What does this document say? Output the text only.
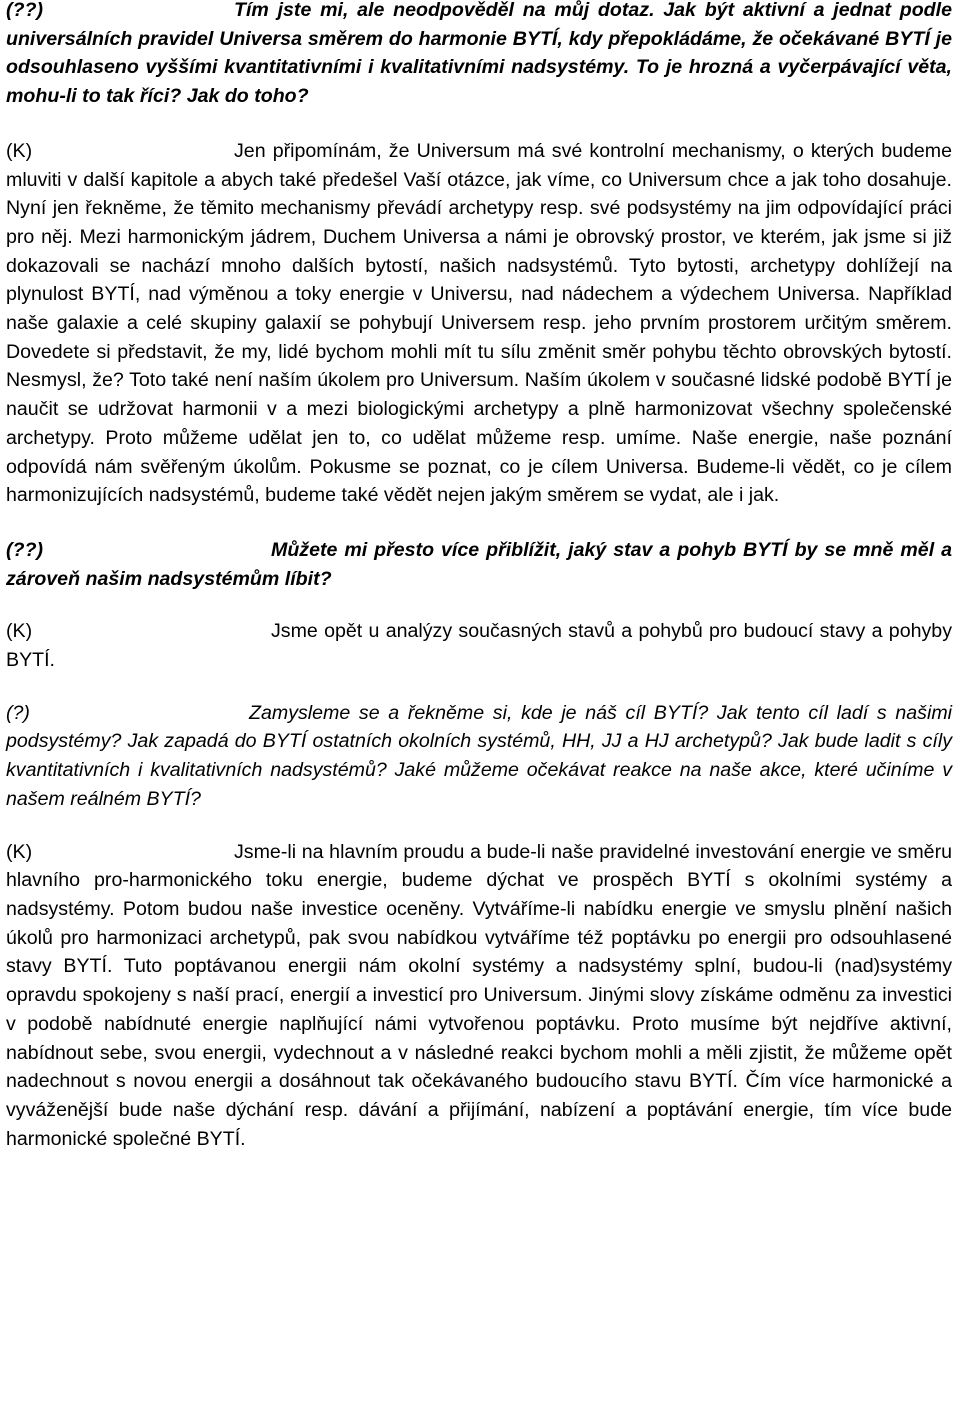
(??)	Tím jste mi, ale neodpověděl na můj dotaz. Jak být aktivní a jednat podle universálních pravidel Universa směrem do harmonie BYTÍ, kdy přepokládáme, že očekávané BYTÍ je odsouhlaseno vyššími kvantitativními i kvalitativními nadsystémy. To je hrozná a vyčerpávající věta, mohu-li to tak říci? Jak do toho?

(K)	Jen připomínám, že Universum má své kontrolní mechanismy, o kterých budeme mluviti v další kapitole a abych také předešel Vaší otázce, jak víme, co Universum chce a jak toho dosahuje. Nyní jen řekněme, že těmito mechanismy převádí archetypy resp. své podsystémy na jim odpovídající práci pro něj. Mezi harmonickým jádrem, Duchem Universa a námi je obrovský prostor, ve kterém, jak jsme si již dokazovali se nachází mnoho dalších bytostí, našich nadsystémů. Tyto bytosti, archetypy dohlížejí na plynulost BYTÍ, nad výměnou a toky energie v Universu, nad nádechem a výdechem Universa. Například naše galaxie a celé skupiny galaxií se pohybují Universem resp. jeho prvním prostorem určitým směrem. Dovedete si představit, že my, lidé bychom mohli mít tu sílu změnit směr pohybu těchto obrovských bytostí. Nesmysl, že? Toto také není naším úkolem pro Universum. Naším úkolem v současné lidské podobě BYTÍ je naučit se udržovat harmonii v a mezi biologickými archetypy a plně harmonizovat všechny společenské archetypy. Proto můžeme udělat jen to, co udělat můžeme resp. umíme. Naše energie, naše poznání odpovídá nám svěřeným úkolům. Pokusme se poznat, co je cílem Universa. Budeme-li vědět, co je cílem harmonizujících nadsystémů, budeme také vědět nejen jakým směrem se vydat, ale i jak.

(??)	Můžete mi přesto více přiblížit, jaký stav a pohyb BYTÍ by se mně měl a zároveň našim nadsystémům líbit?

(K)	Jsme opět u analýzy současných stavů a pohybů pro budoucí stavy a pohyby BYTÍ.

(?)	Zamysleme se a řekněme si, kde je náš cíl BYTÍ? Jak tento cíl ladí s našimi podsystémy? Jak zapadá do BYTÍ ostatních okolních systémů, HH, JJ a HJ archetypů? Jak bude ladit s cíly kvantitativních i kvalitativních nadsystémů? Jaké můžeme očekávat reakce na naše akce, které učiníme v našem reálném BYTÍ?

(K)	Jsme-li na hlavním proudu a bude-li naše pravidelné investování energie ve směru hlavního pro-harmonického toku energie, budeme dýchat ve prospěch BYTÍ s okolními systémy a nadsystémy. Potom budou naše investice oceněny. Vytváříme-li nabídku energie ve smyslu plnění našich úkolů pro harmonizaci archetypů, pak svou nabídkou vytváříme též poptávku po energii pro odsouhlasené stavy BYTÍ. Tuto poptávanou energii nám okolní systémy a nadsystémy splní, budou-li (nad)systémy opravdu spokojeny s naší prací, energií a investicí pro Universum. Jinými slovy získáme odměnu za investici v podobě nabídnuté energie naplňující námi vytvořenou poptávku. Proto musíme být nejdříve aktivní, nabídnout sebe, svou energii, vydechnout a v následné reakci bychom mohli a měli zjistit, že můžeme opět nadechnout s novou energii a dosáhnout tak očekávaného budoucího stavu BYTÍ. Čím více harmonické a vyváženější bude naše dýchání resp. dávání a přijímání, nabízení a poptávání energie, tím více bude harmonické společné BYTÍ.
